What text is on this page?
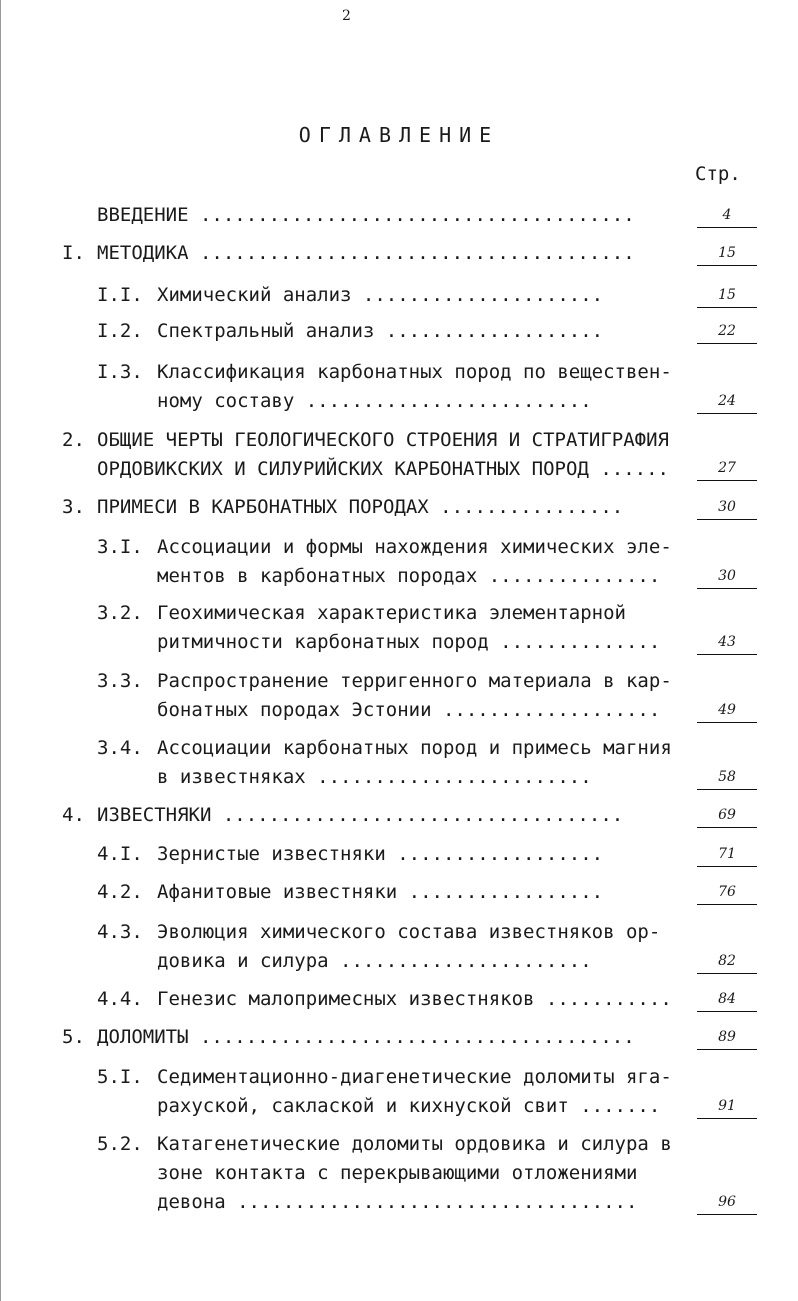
2
ОГЛАВЛЕНИЕ
Стр.
ВВЕДЕНИЕ ......................................	4
I. МЕТОДИКА ......................................	15
I.I. Химический анализ .....................	15
I.2. Спектральный анализ ...................	22
I.3. Классификация карбонатных пород по веществен-
ному составу .........................	24
2. ОБЩИЕ ЧЕРТЫ ГЕОЛОГИЧЕСКОГО СТРОЕНИЯ И СТРАТИГРАФИЯ
ОРДОВИКСКИХ И СИЛУРИЙСКИХ КАРБОНАТНЫХ ПОРОД ......	27
3. ПРИМЕСИ В КАРБОНАТНЫХ ПОРОДАХ ................	30
3.I. Ассоциации и формы нахождения химических эле-
ментов в карбонатных породах ...............	30
3.2. Геохимическая характеристика элементарной
ритмичности карбонатных пород ..............	43
3.3. Распространение терригенного материала в кар-
бонатных породах Эстонии ...................	49
3.4. Ассоциации карбонатных пород и примесь магния
в известняках ........................	58
4. ИЗВЕСТНЯКИ ...................................	69
4.I. Зернистые известняки ..................	71
4.2. Афанитовые известняки .................	76
4.3. Эволюция химического состава известняков ор-
довика и силура ......................	82
4.4. Генезис малопримесных известняков ...........	84
5. ДОЛОМИТЫ ......................................	89
5.I. Седиментационно-диагенетические доломиты ягa-
рахуской, саклаской и кихнуской свит .......	91
5.2. Катагенетические доломиты ордовика и силура в
зоне контакта с перекрывающими отложениями
девона ...................................	96
